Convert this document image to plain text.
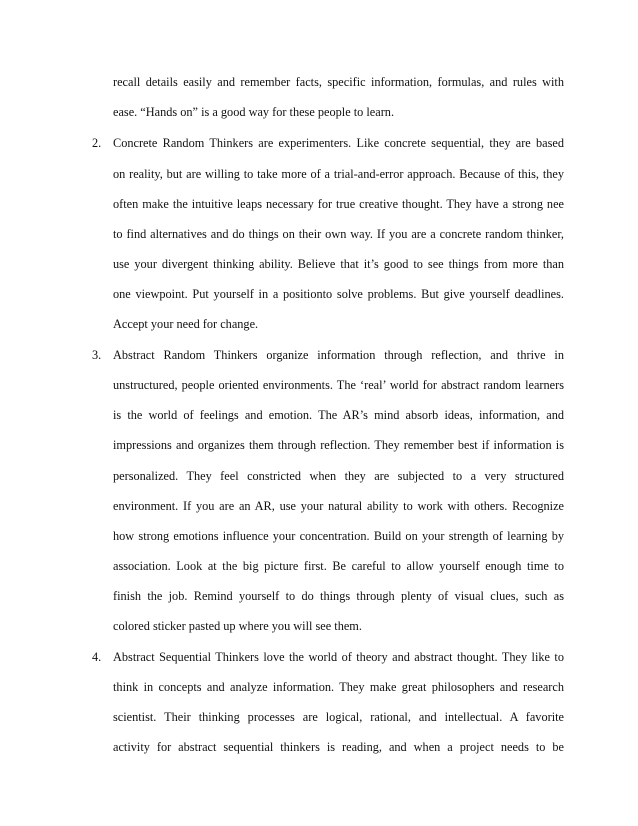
recall details easily and remember facts, specific information, formulas, and rules with
ease. “Hands on” is a good way for these people to learn.
2. Concrete Random Thinkers are experimenters. Like concrete sequential, they are based
on reality, but are willing to take more of a trial-and-error approach. Because of this, they
often make the intuitive leaps necessary for true creative thought. They have a strong nee
to find alternatives and do things on their own way. If you are a concrete random thinker,
use your divergent thinking ability. Believe that it’s good to see things from more than
one viewpoint. Put yourself in a positionto solve problems. But give yourself deadlines.
Accept your need for change.
3. Abstract Random Thinkers organize information through reflection, and thrive in
unstructured, people oriented environments. The ‘real’ world for abstract random learners
is the world of feelings and emotion. The AR’s mind absorb ideas, information, and
impressions and organizes them through reflection. They remember best if information is
personalized. They feel constricted when they are subjected to a very structured
environment. If you are an AR, use your natural ability to work with others. Recognize
how strong emotions influence your concentration. Build on your strength of learning by
association. Look at the big picture first. Be careful to allow yourself enough time to
finish the job. Remind yourself to do things through plenty of visual clues, such as
colored sticker pasted up where you will see them.
4. Abstract Sequential Thinkers love the world of theory and abstract thought. They like to
think in concepts and analyze information. They make great philosophers and research
scientist. Their thinking processes are logical, rational, and intellectual. A favorite
activity for abstract sequential thinkers is reading, and when a project needs to be
